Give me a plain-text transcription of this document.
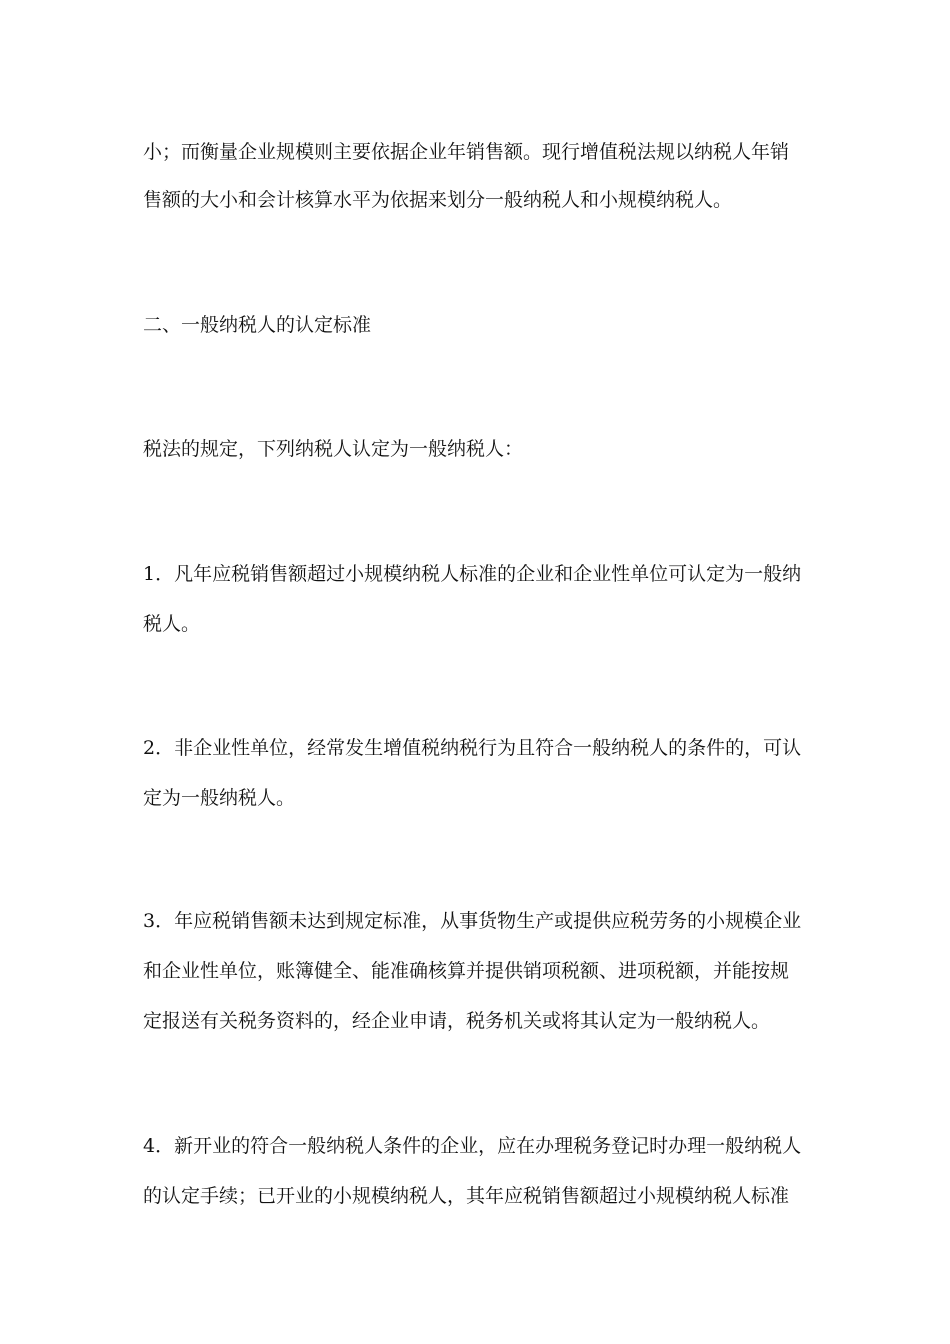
小；而衡量企业规模则主要依据企业年销售额。现行增值税法规以纳税人年销
售额的大小和会计核算水平为依据来划分一般纳税人和小规模纳税人。
二、一般纳税人的认定标准
税法的规定，下列纳税人认定为一般纳税人：
1．凡年应税销售额超过小规模纳税人标准的企业和企业性单位可认定为一般纳
税人。
2．非企业性单位，经常发生增值税纳税行为且符合一般纳税人的条件的，可认
定为一般纳税人。
3．年应税销售额未达到规定标准，从事货物生产或提供应税劳务的小规模企业
和企业性单位，账簿健全、能准确核算并提供销项税额、进项税额，并能按规
定报送有关税务资料的，经企业申请，税务机关或将其认定为一般纳税人。
4．新开业的符合一般纳税人条件的企业，应在办理税务登记时办理一般纳税人
的认定手续；已开业的小规模纳税人，其年应税销售额超过小规模纳税人标准
